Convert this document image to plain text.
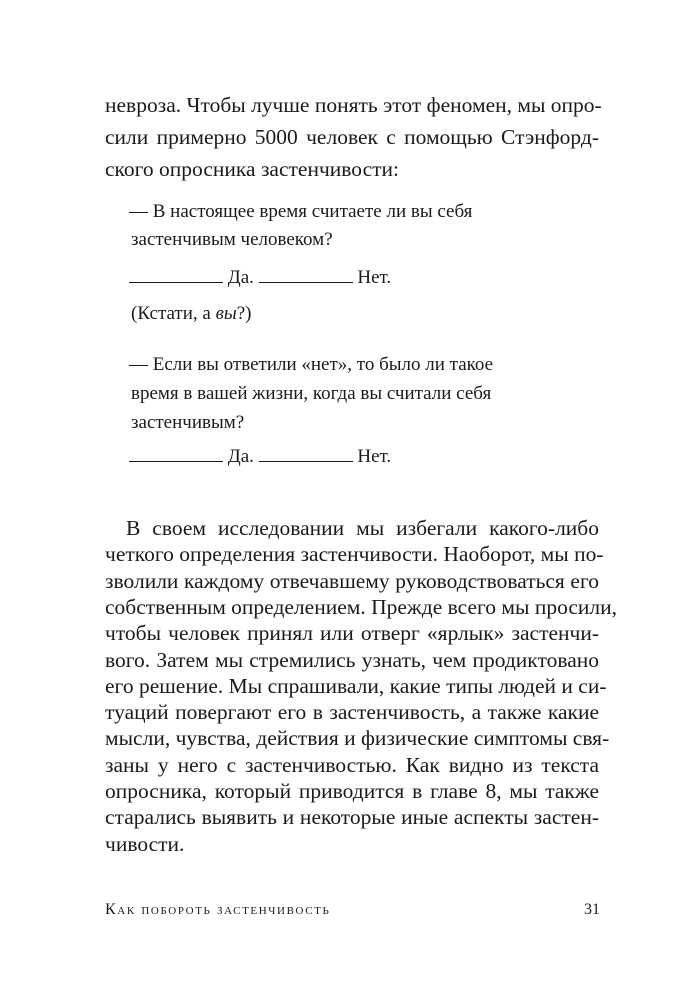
невроза. Чтобы лучше понять этот феномен, мы опро-
сили примерно 5000 человек с помощью Стэнфорд-
ского опросника застенчивости:
— В настоящее время считаете ли вы себя
застенчивым человеком?
Да.	Нет.
(Кстати, а вы?)
— Если вы ответили «нет», то было ли такое
время в вашей жизни, когда вы считали себя
застенчивым?
Да.	Нет.
В своем исследовании мы избегали какого-либо
четкого определения застенчивости. Наоборот, мы по-
зволили каждому отвечавшему руководствоваться его
собственным определением. Прежде всего мы просили,
чтобы человек принял или отверг «ярлык» застенчи-
вого. Затем мы стремились узнать, чем продиктовано
его решение. Мы спрашивали, какие типы людей и си-
туаций повергают его в застенчивость, а также какие
мысли, чувства, действия и физические симптомы свя-
заны у него с застенчивостью. Как видно из текста
опросника, который приводится в главе 8, мы также
старались выявить и некоторые иные аспекты застен-
чивости.
Как побороть застенчивость	31
